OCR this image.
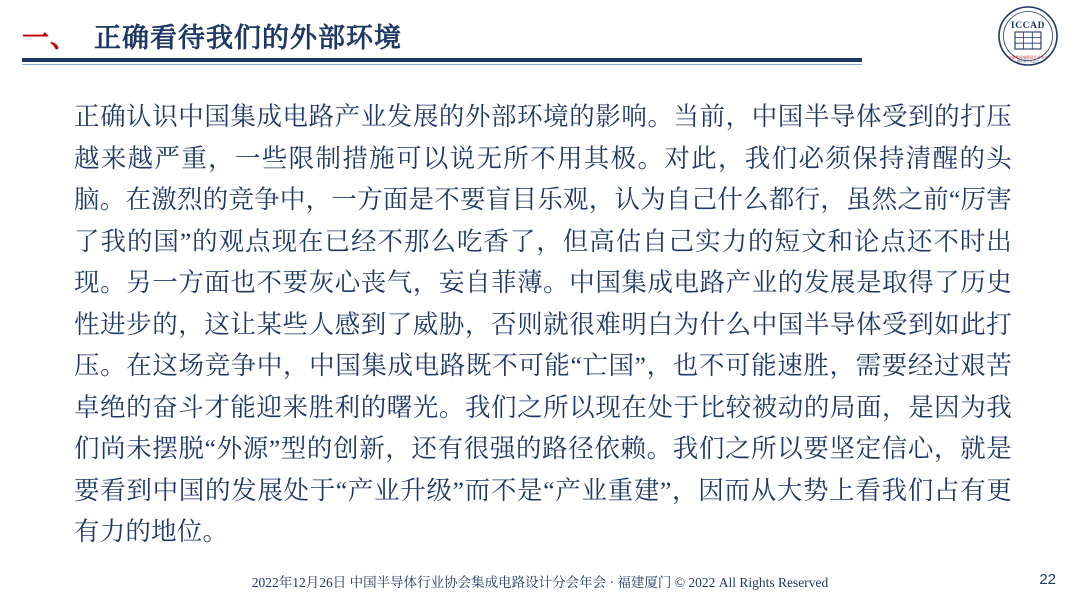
一、 正确看待我们的外部环境	ICCAD
中国集成电路设计业协会
暨年度学术会议
正确认识中国集成电路产业发展的外部环境的影响。当前，中国半导体受到的打压越来越严重，一些限制措施可以说无所不用其极。对此，我们必须保持清醒的头脑。在激烈的竞争中，一方面是不要盲目乐观，认为自己什么都行，虽然之前“厉害了我的国”的观点现在已经不那么吃香了，但高估自己实力的短文和论点还不时出现。另一方面也不要灰心丧气，妄自菲薄。中国集成电路产业的发展是取得了历史性进步的，这让某些人感到了威胁，否则就很难明白为什么中国半导体受到如此打压。在这场竞争中，中国集成电路既不可能“亡国”，也不可能速胜，需要经过艰苦卓绝的奋斗才能迎来胜利的曙光。我们之所以现在处于比较被动的局面，是因为我们尚未摆脱“外源”型的创新，还有很强的路径依赖。我们之所以要坚定信心，就是要看到中国的发展处于“产业升级”而不是“产业重建”，因而从大势上看我们占有更有力的地位。
2022年12月26日 中国半导体行业协会集成电路设计分会年会 · 福建厦门 © 2022 All Rights Reserved	22
